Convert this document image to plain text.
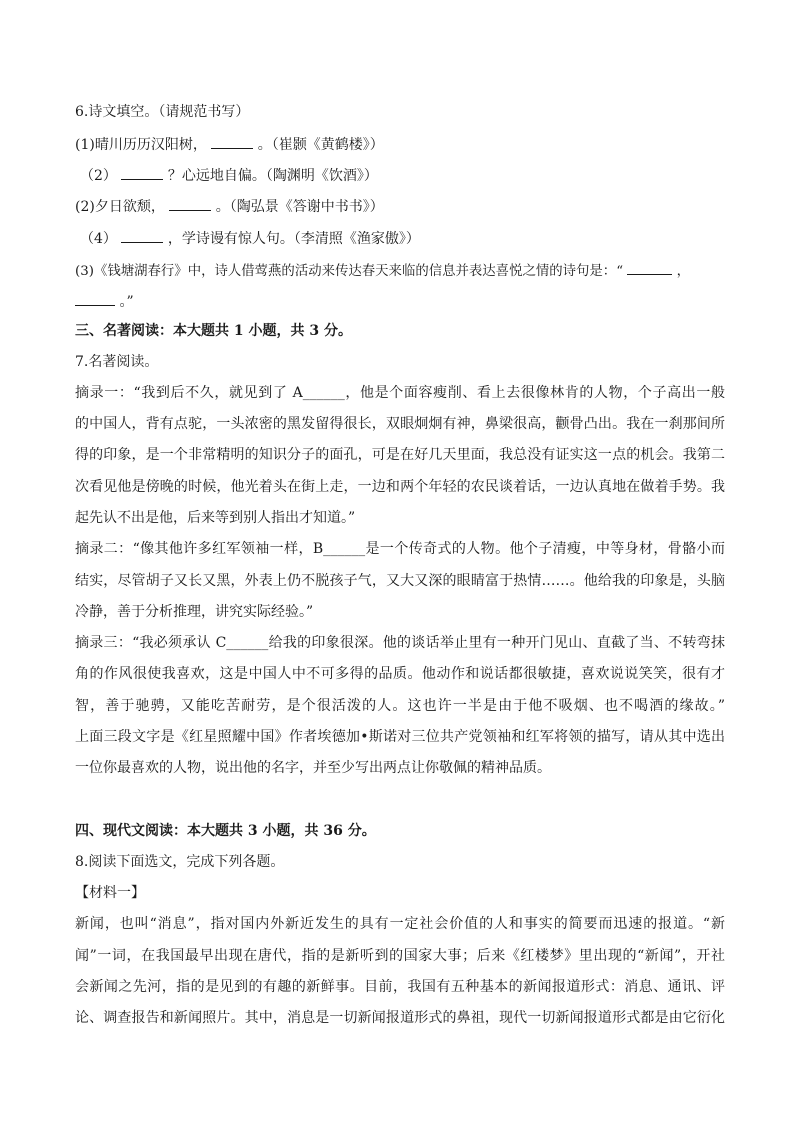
6.诗文填空。（请规范书写）
(1)晴川历历汉阳树，	。（崔颢《黄鹤楼》）
（2）	？心远地自偏。（陶渊明《饮酒》）
(2)夕日欲颓，	。（陶弘景《答谢中书书》）
（4）	，学诗谩有惊人句。（李清照《渔家傲》）
(3)《钱塘湖春行》中，诗人借莺燕的活动来传达春天来临的信息并表达喜悦之情的诗句是：“	，
。”
三、名著阅读：本大题共 1 小题，共 3 分。
7.名著阅读。
摘录一：“我到后不久，就见到了 A______，他是个面容瘦削、看上去很像林肯的人物，个子高出一般
的中国人，背有点驼，一头浓密的黑发留得很长，双眼炯炯有神，鼻梁很高，颧骨凸出。我在一刹那间所
得的印象，是一个非常精明的知识分子的面孔，可是在好几天里面，我总没有证实这一点的机会。我第二
次看见他是傍晚的时候，他光着头在街上走，一边和两个年轻的农民谈着话，一边认真地在做着手势。我
起先认不出是他，后来等到别人指出才知道。”
摘录二：“像其他许多红军领袖一样，B______是一个传奇式的人物。他个子清瘦，中等身材，骨骼小而
结实，尽管胡子又长又黑，外表上仍不脱孩子气，又大又深的眼睛富于热情……。他给我的印象是，头脑
冷静，善于分析推理，讲究实际经验。”
摘录三：“我必须承认 C______给我的印象很深。他的谈话举止里有一种开门见山、直截了当、不转弯抹
角的作风很使我喜欢，这是中国人中不可多得的品质。他动作和说话都很敏捷，喜欢说说笑笑，很有才
智，善于驰骋，又能吃苦耐劳，是个很活泼的人。这也许一半是由于他不吸烟、也不喝酒的缘故。”
上面三段文字是《红星照耀中国》作者埃德加•斯诺对三位共产党领袖和红军将领的描写，请从其中选出
一位你最喜欢的人物，说出他的名字，并至少写出两点让你敬佩的精神品质。
四、现代文阅读：本大题共 3 小题，共 36 分。
8.阅读下面选文，完成下列各题。
【材料一】
新闻，也叫“消息”，指对国内外新近发生的具有一定社会价值的人和事实的简要而迅速的报道。“新
闻”一词，在我国最早出现在唐代，指的是新听到的国家大事；后来《红楼梦》里出现的“新闻”，开社
会新闻之先河，指的是见到的有趣的新鲜事。目前，我国有五种基本的新闻报道形式：消息、通讯、评
论、调查报告和新闻照片。其中，消息是一切新闻报道形式的鼻祖，现代一切新闻报道形式都是由它衍化
